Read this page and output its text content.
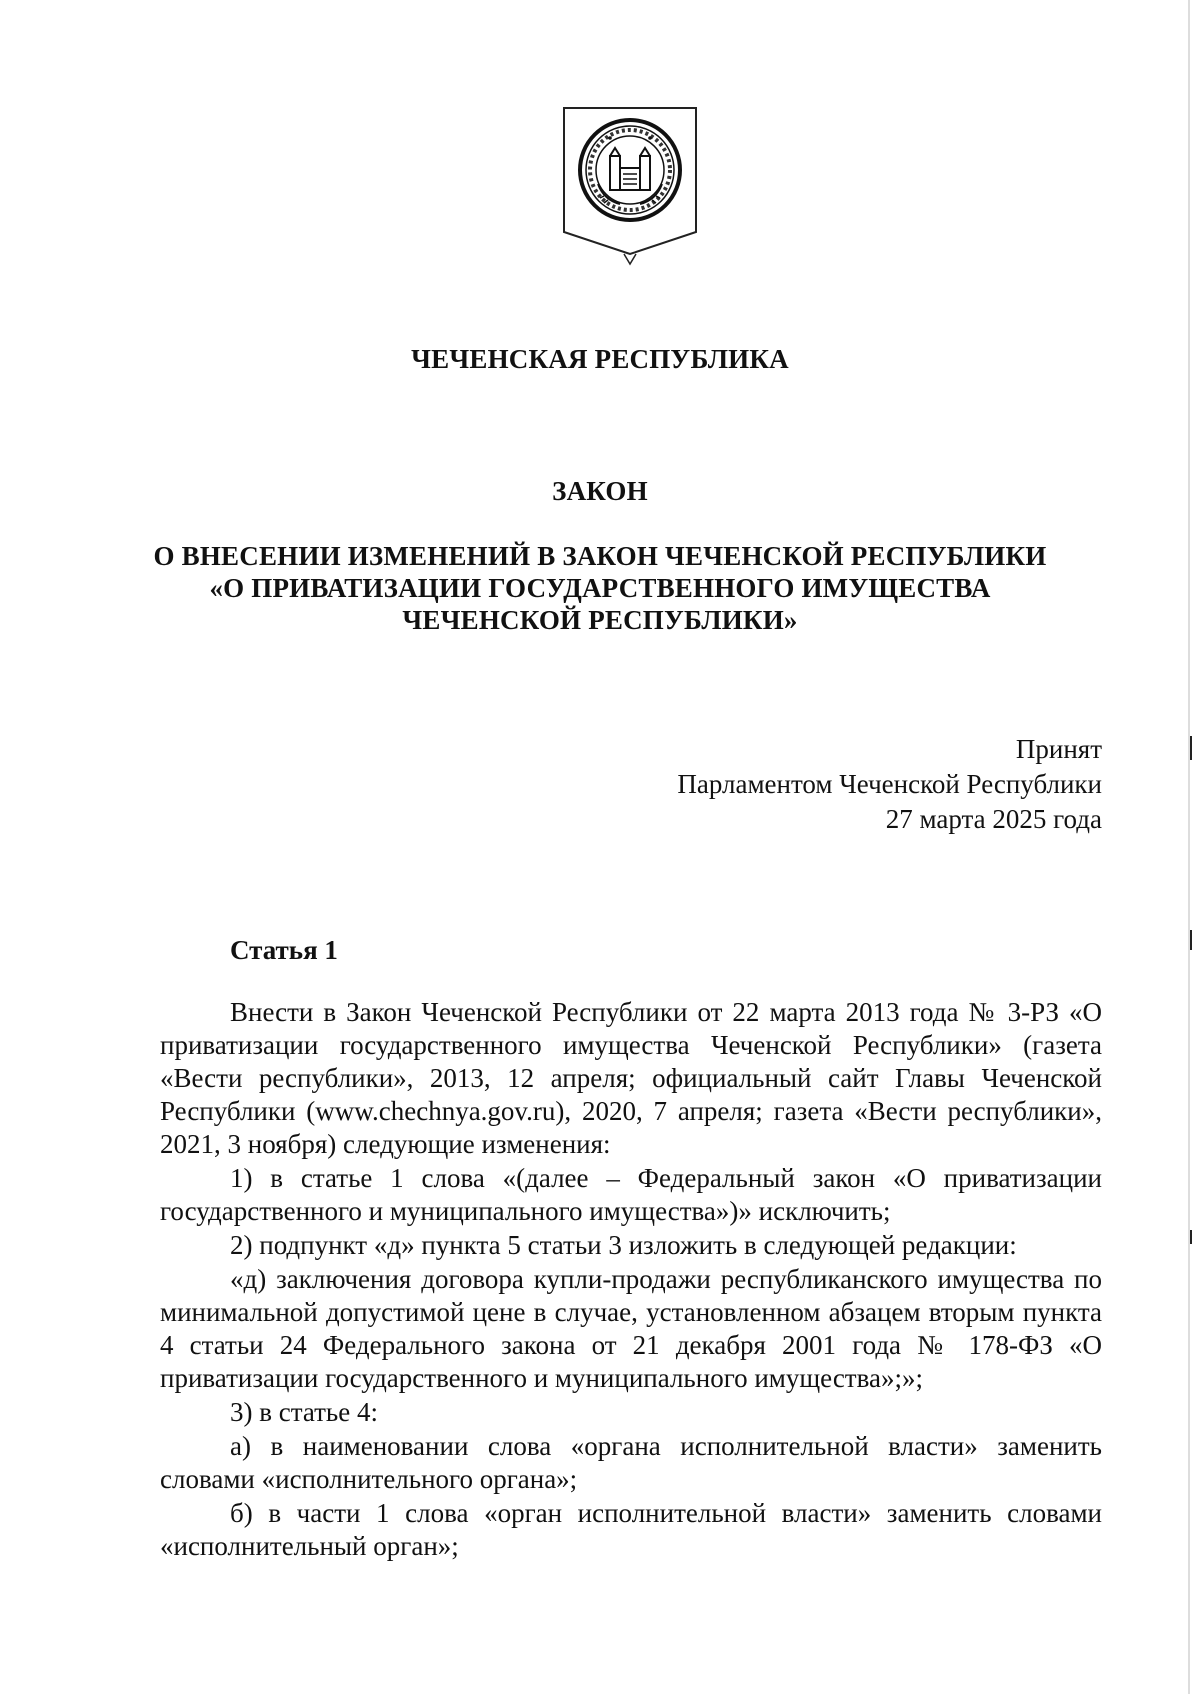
ЧЕЧЕНСКАЯ РЕСПУБЛИКА
ЗАКОН
О ВНЕСЕНИИ ИЗМЕНЕНИЙ В ЗАКОН ЧЕЧЕНСКОЙ РЕСПУБЛИКИ
«О ПРИВАТИЗАЦИИ ГОСУДАРСТВЕННОГО ИМУЩЕСТВА
ЧЕЧЕНСКОЙ РЕСПУБЛИКИ»
Принят
Парламентом Чеченской Республики
27 марта 2025 года
Статья 1

Внести в Закон Чеченской Республики от 22 марта 2013 года № 3-РЗ «О приватизации государственного имущества Чеченской Республики» (газета «Вести республики», 2013, 12 апреля; официальный сайт Главы Чеченской Республики (www.chechnya.gov.ru), 2020, 7 апреля; газета «Вести республики», 2021, 3 ноября) следующие изменения:

1) в статье 1 слова «(далее – Федеральный закон «О приватизации государственного и муниципального имущества»)» исключить;

2) подпункт «д» пункта 5 статьи 3 изложить в следующей редакции:

«д) заключения договора купли-продажи республиканского имущества по минимальной допустимой цене в случае, установленном абзацем вторым пункта 4 статьи 24 Федерального закона от 21 декабря 2001 года № 178-ФЗ «О приватизации государственного и муниципального имущества»;»;

3) в статье 4:

а) в наименовании слова «органа исполнительной власти» заменить словами «исполнительного органа»;

б) в части 1 слова «орган исполнительной власти» заменить словами «исполнительный орган»;
